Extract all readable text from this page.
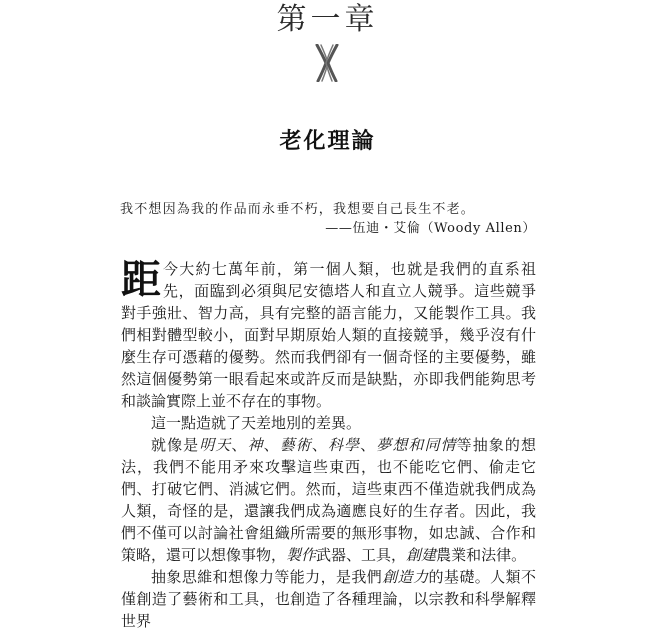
第一章
老化理論
我不想因為我的作品而永垂不朽，我想要自己長生不老。
——伍迪・艾倫（Woody Allen）

距今大約七萬年前，第一個人類，也就是我們的直系祖先，面臨到必須與尼安德塔人和直立人競爭。這些競爭對手強壯、智力高，具有完整的語言能力，又能製作工具。我們相對體型較小，面對早期原始人類的直接競爭，幾乎沒有什麼生存可憑藉的優勢。然而我們卻有一個奇怪的主要優勢，雖然這個優勢第一眼看起來或許反而是缺點，亦即我們能夠思考和談論實際上並不存在的事物。

這一點造就了天差地別的差異。

就像是明天、神、藝術、科學、夢想和同情等抽象的想法，我們不能用矛來攻擊這些東西，也不能吃它們、偷走它們、打破它們、消滅它們。然而，這些東西不僅造就我們成為人類，奇怪的是，還讓我們成為適應良好的生存者。因此，我們不僅可以討論社會組織所需要的無形事物，如忠誠、合作和策略，還可以想像事物，製作武器、工具，創建農業和法律。

抽象思維和想像力等能力，是我們創造力的基礎。人類不僅創造了藝術和工具，也創造了各種理論，以宗教和科學解釋世界
